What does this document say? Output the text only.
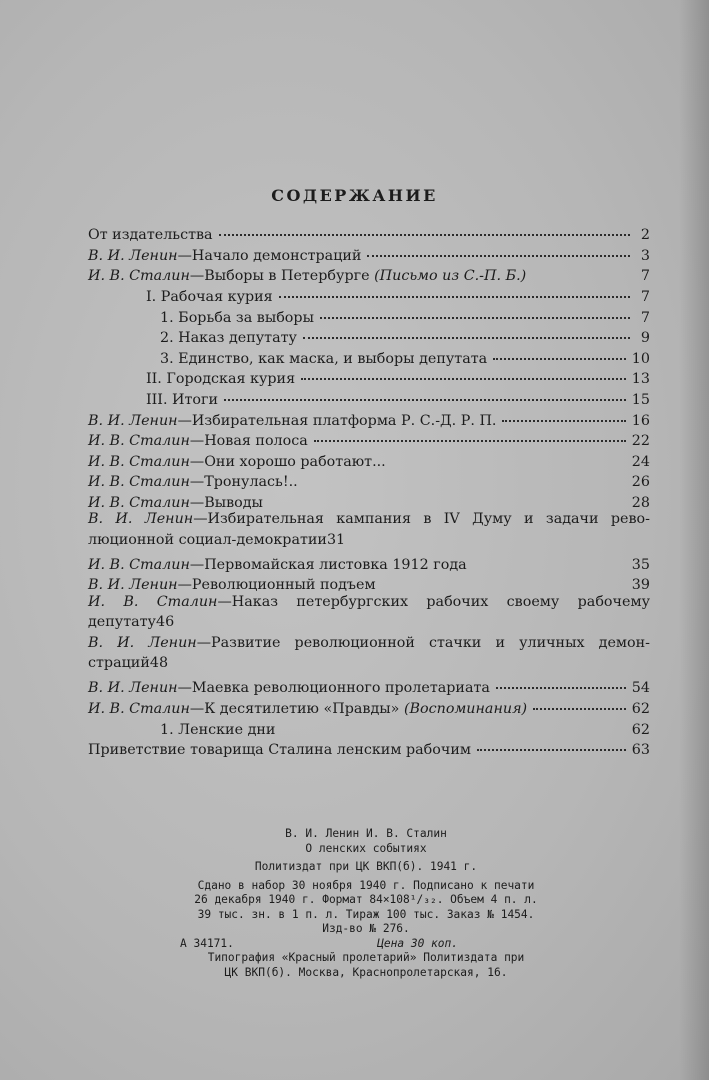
СОДЕРЖАНИЕ
От издательства	2
В. И. Ленин—Начало демонстраций	3
И. В. Сталин—Выборы в Петербурге (Письмо из С.-П. Б.)	7
I. Рабочая курия	7
1. Борьба за выборы	7
2. Наказ депутату	9
3. Единство, как маска, и выборы депутата	10
II. Городская курия	13
III. Итоги	15
В. И. Ленин—Избирательная платформа Р. С.-Д. Р. П.	16
И. В. Сталин—Новая полоса	22
И. В. Сталин—Они хорошо работают...	24
И. В. Сталин—Тронулась!..	26
И. В. Сталин—Выводы	28
В. И. Ленин—Избирательная кампания в IV Думу и задачи рево-
люционной социал-демократии 31
И. В. Сталин—Первомайская листовка 1912 года	35
В. И. Ленин—Революционный подъем	39
И. В. Сталин—Наказ петербургских рабочих своему рабочему
депутату 46
В. И. Ленин—Развитие революционной стачки и уличных демон-
страций 48
В. И. Ленин—Маевка революционного пролетариата	54
И. В. Сталин—К десятилетию «Правды» (Воспоминания)	62
1. Ленские дни	62
Приветствие товарища Сталина ленским рабочим	63
В. И. Ленин И. В. Сталин
О ленских событиях
Политиздат при ЦК ВКП(б). 1941 г.
Сдано в набор 30 ноября 1940 г. Подписано к печати
26 декабря 1940 г. Формат 84×108¹/₃₂. Объем 4 п. л.
39 тыс. зн. в 1 п. л. Тираж 100 тыс. Заказ № 1454.
Изд-во № 276.
А 34171.	Цена 30 коп.
Типография «Красный пролетарий» Политиздата при
ЦК ВКП(б). Москва, Краснопролетарская, 16.
